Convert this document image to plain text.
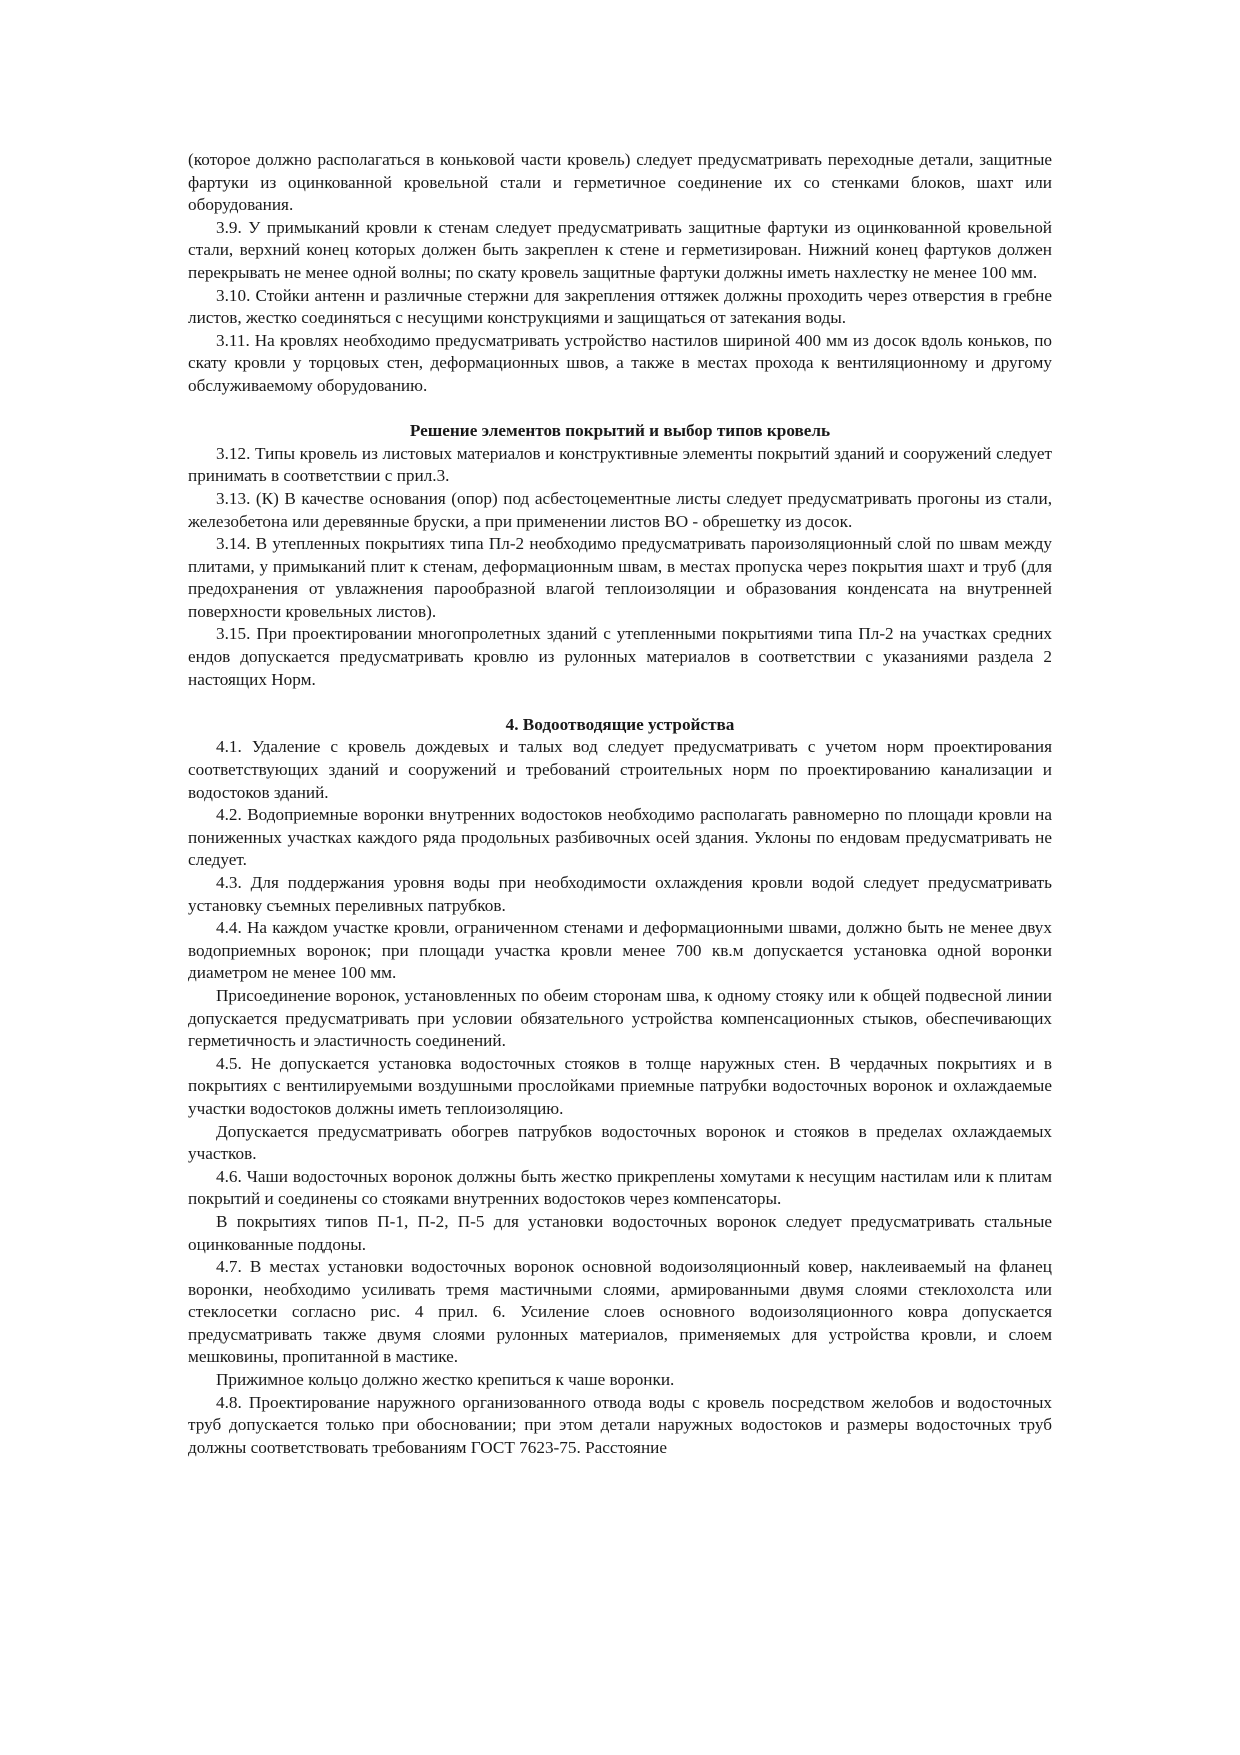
(которое должно располагаться в коньковой части кровель) следует предусматривать переходные детали, защитные фартуки из оцинкованной кровельной стали и герметичное соединение их со стенками блоков, шахт или оборудования.

3.9. У примыканий кровли к стенам следует предусматривать защитные фартуки из оцинкованной кровельной стали, верхний конец которых должен быть закреплен к стене и герметизирован. Нижний конец фартуков должен перекрывать не менее одной волны; по скату кровель защитные фартуки должны иметь нахлестку не менее 100 мм.

3.10. Стойки антенн и различные стержни для закрепления оттяжек должны проходить через отверстия в гребне листов, жестко соединяться с несущими конструкциями и защищаться от затекания воды.

3.11. На кровлях необходимо предусматривать устройство настилов шириной 400 мм из досок вдоль коньков, по скату кровли у торцовых стен, деформационных швов, а также в местах прохода к вентиляционному и другому обслуживаемому оборудованию.

Решение элементов покрытий и выбор типов кровель

3.12. Типы кровель из листовых материалов и конструктивные элементы покрытий зданий и сооружений следует принимать в соответствии с прил.3.

3.13. (К) В качестве основания (опор) под асбестоцементные листы следует предусматривать прогоны из стали, железобетона или деревянные бруски, а при применении листов ВО - обрешетку из досок.

3.14. В утепленных покрытиях типа Пл-2 необходимо предусматривать пароизоляционный слой по швам между плитами, у примыканий плит к стенам, деформационным швам, в местах пропуска через покрытия шахт и труб (для предохранения от увлажнения парообразной влагой теплоизоляции и образования конденсата на внутренней поверхности кровельных листов).

3.15. При проектировании многопролетных зданий с утепленными покрытиями типа Пл-2 на участках средних ендов допускается предусматривать кровлю из рулонных материалов в соответствии с указаниями раздела 2 настоящих Норм.

4. Водоотводящие устройства

4.1. Удаление с кровель дождевых и талых вод следует предусматривать с учетом норм проектирования соответствующих зданий и сооружений и требований строительных норм по проектированию канализации и водостоков зданий.

4.2. Водоприемные воронки внутренних водостоков необходимо располагать равномерно по площади кровли на пониженных участках каждого ряда продольных разбивочных осей здания. Уклоны по ендовам предусматривать не следует.

4.3. Для поддержания уровня воды при необходимости охлаждения кровли водой следует предусматривать установку съемных переливных патрубков.

4.4. На каждом участке кровли, ограниченном стенами и деформационными швами, должно быть не менее двух водоприемных воронок; при площади участка кровли менее 700 кв.м допускается установка одной воронки диаметром не менее 100 мм.

Присоединение воронок, установленных по обеим сторонам шва, к одному стояку или к общей подвесной линии допускается предусматривать при условии обязательного устройства компенсационных стыков, обеспечивающих герметичность и эластичность соединений.

4.5. Не допускается установка водосточных стояков в толще наружных стен. В чердачных покрытиях и в покрытиях с вентилируемыми воздушными прослойками приемные патрубки водосточных воронок и охлаждаемые участки водостоков должны иметь теплоизоляцию.

Допускается предусматривать обогрев патрубков водосточных воронок и стояков в пределах охлаждаемых участков.

4.6. Чаши водосточных воронок должны быть жестко прикреплены хомутами к несущим настилам или к плитам покрытий и соединены со стояками внутренних водостоков через компенсаторы.

В покрытиях типов П-1, П-2, П-5 для установки водосточных воронок следует предусматривать стальные оцинкованные поддоны.

4.7. В местах установки водосточных воронок основной водоизоляционный ковер, наклеиваемый на фланец воронки, необходимо усиливать тремя мастичными слоями, армированными двумя слоями стеклохолста или стеклосетки согласно рис. 4 прил. 6. Усиление слоев основного водоизоляционного ковра допускается предусматривать также двумя слоями рулонных материалов, применяемых для устройства кровли, и слоем мешковины, пропитанной в мастике.

Прижимное кольцо должно жестко крепиться к чаше воронки.

4.8. Проектирование наружного организованного отвода воды с кровель посредством желобов и водосточных труб допускается только при обосновании; при этом детали наружных водостоков и размеры водосточных труб должны соответствовать требованиям ГОСТ 7623-75. Расстояние
